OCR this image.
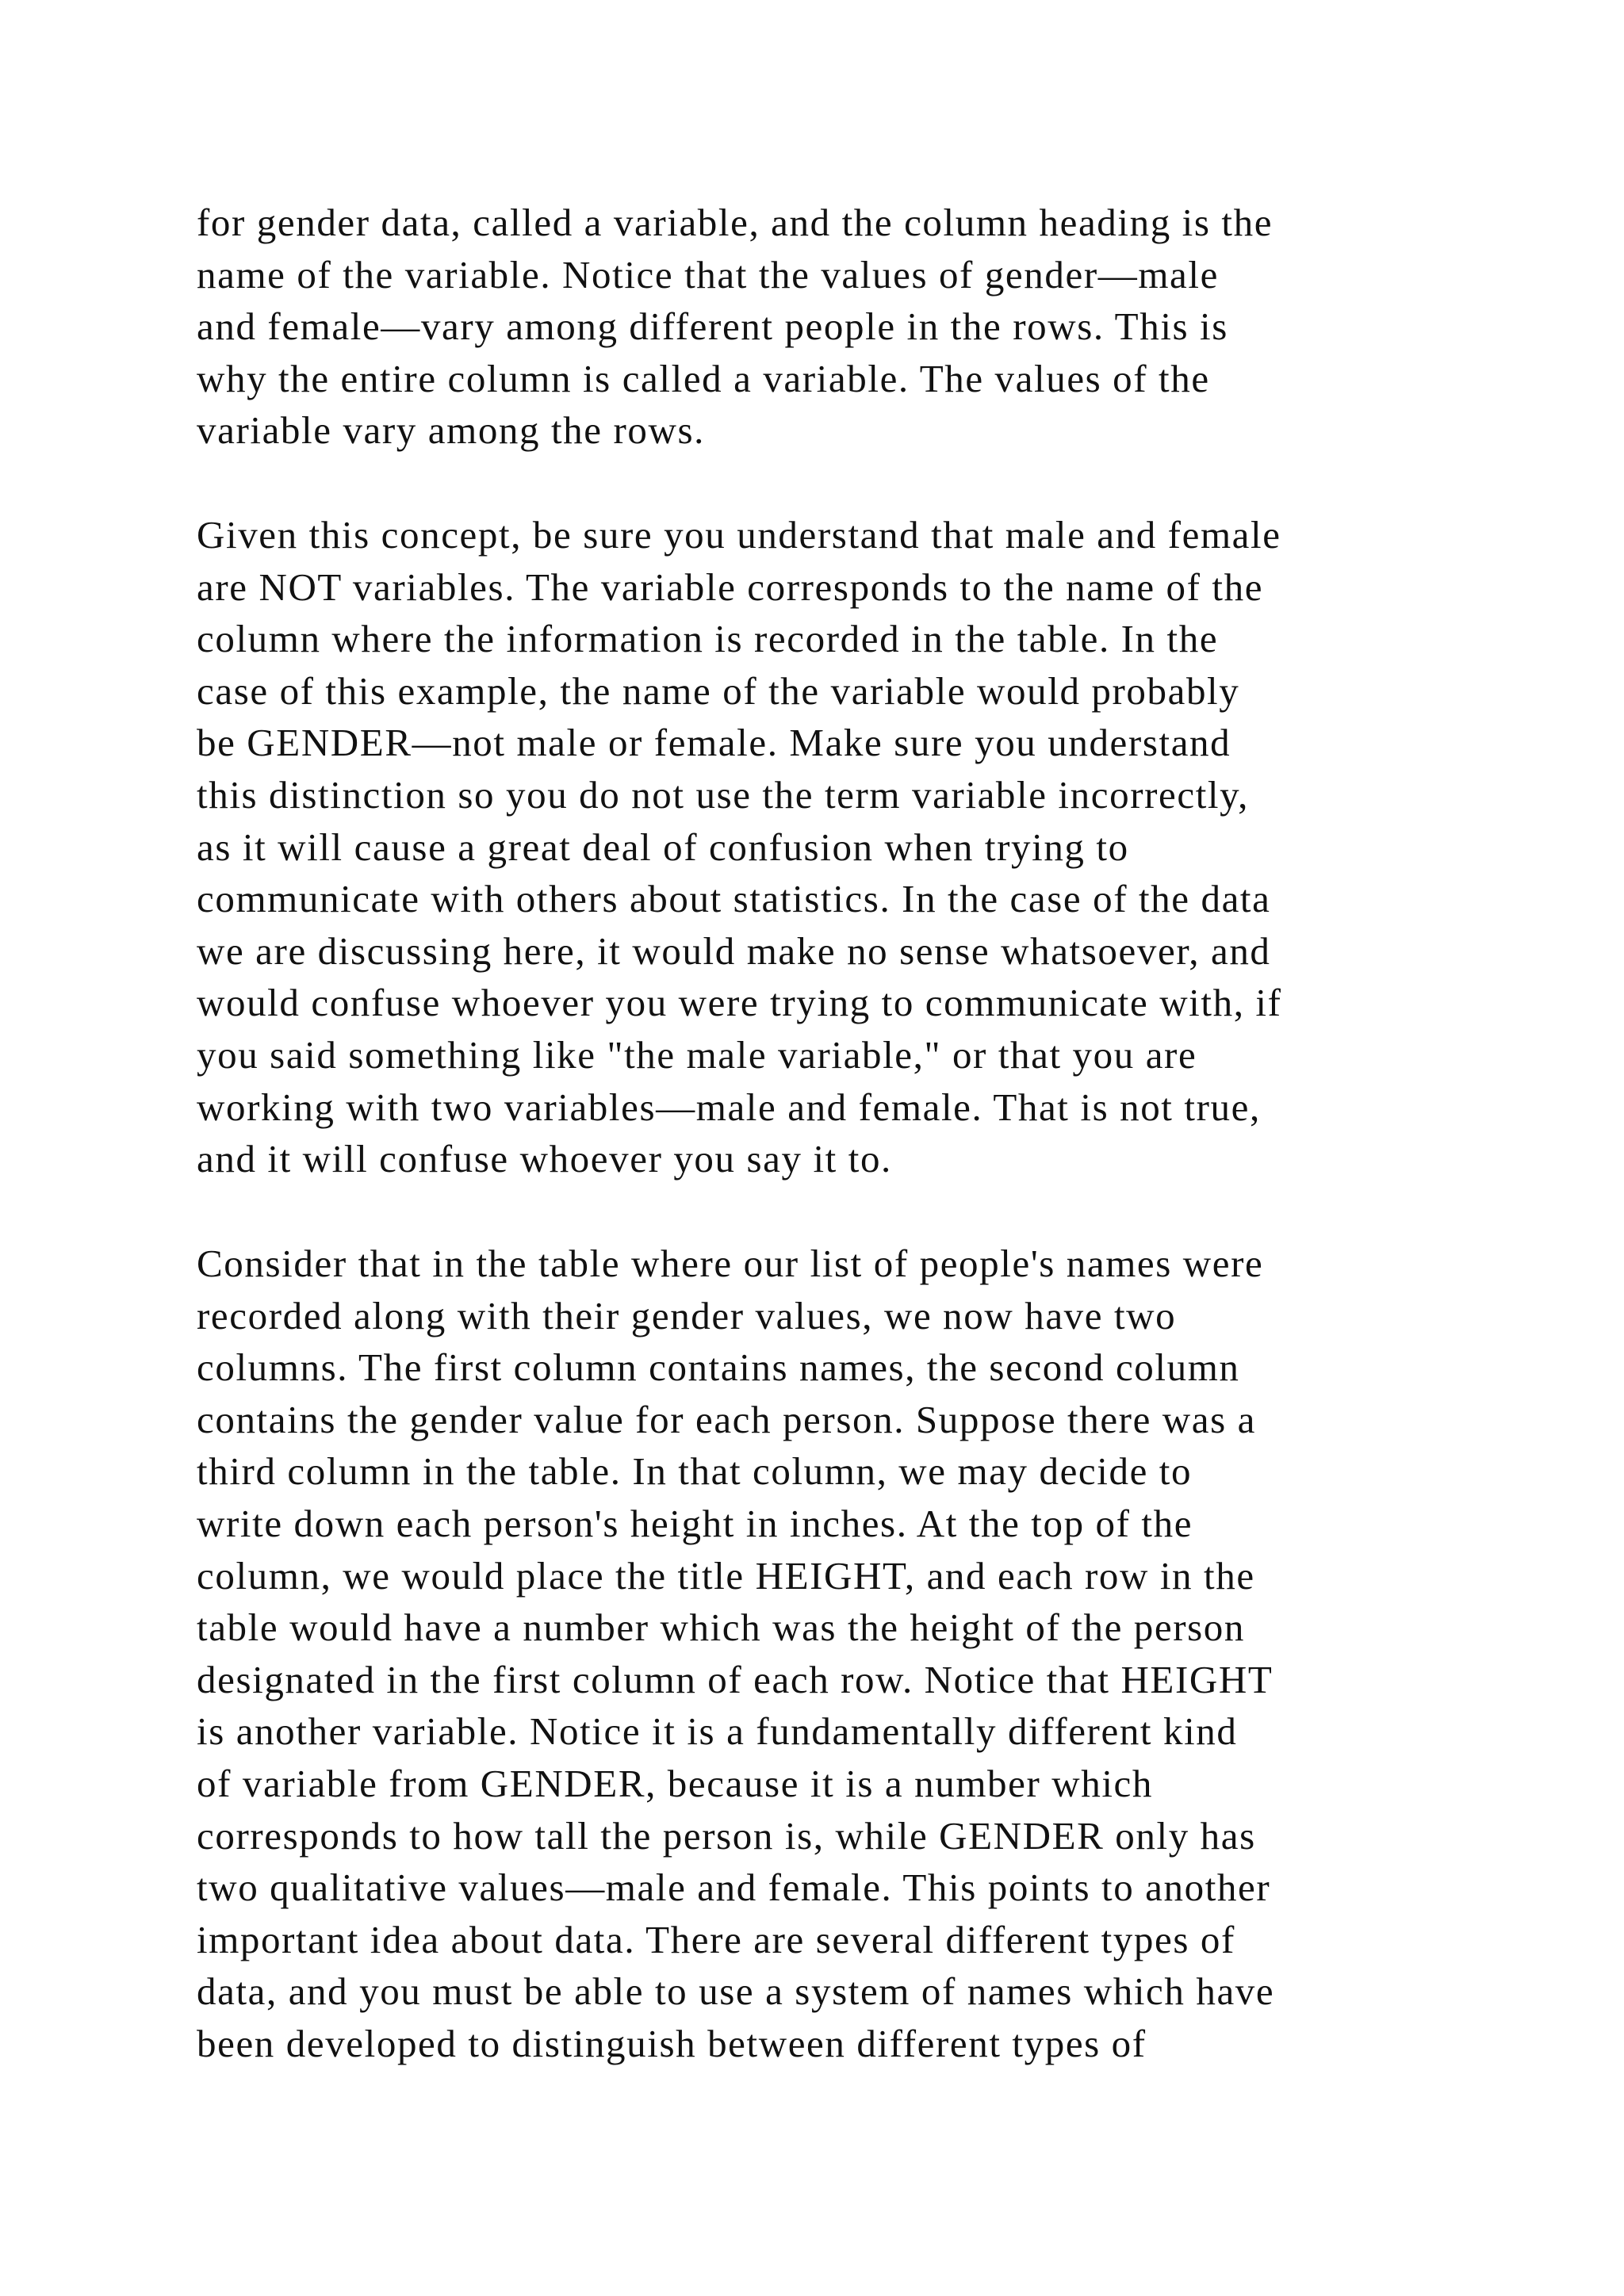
for gender data, called a variable, and the column heading is the
name of the variable. Notice that the values of gender—male
and female—vary among different people in the rows. This is
why the entire column is called a variable. The values of the
variable vary among the rows.

Given this concept, be sure you understand that male and female
are NOT variables. The variable corresponds to the name of the
column where the information is recorded in the table. In the
case of this example, the name of the variable would probably
be GENDER—not male or female. Make sure you understand
this distinction so you do not use the term variable incorrectly,
as it will cause a great deal of confusion when trying to
communicate with others about statistics. In the case of the data
we are discussing here, it would make no sense whatsoever, and
would confuse whoever you were trying to communicate with, if
you said something like "the male variable," or that you are
working with two variables—male and female. That is not true,
and it will confuse whoever you say it to.

Consider that in the table where our list of people's names were
recorded along with their gender values, we now have two
columns. The first column contains names, the second column
contains the gender value for each person. Suppose there was a
third column in the table. In that column, we may decide to
write down each person's height in inches. At the top of the
column, we would place the title HEIGHT, and each row in the
table would have a number which was the height of the person
designated in the first column of each row. Notice that HEIGHT
is another variable. Notice it is a fundamentally different kind
of variable from GENDER, because it is a number which
corresponds to how tall the person is, while GENDER only has
two qualitative values—male and female. This points to another
important idea about data. There are several different types of
data, and you must be able to use a system of names which have
been developed to distinguish between different types of
